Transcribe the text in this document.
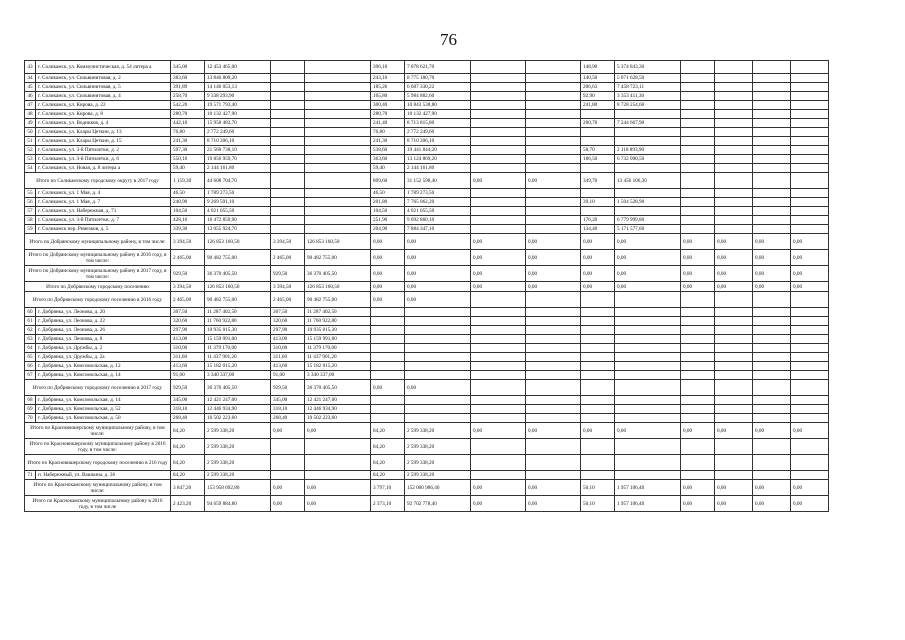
76
43	г. Соликамск, ул. Коммунистическая, д. 54 литера а	345,00	12 453 465,00			396,10	7 078 621,70			148,90	5 374 843,30				
44	г. Соликамск, ул. Сильвинитовая, д. 2	383,60	13 846 809,20			243,10	8 775 180,70			140,50	5 071 628,50				
45	г. Соликамск, ул. Сильвинитовая, д. 5	391,89	14 146 053,13			185,26	6 687 330,22			206,63	7 458 723,11				
46	г. Соликамск, ул. Сильвинитовая, д. 4	258,70	9 338 293,90			165,80	5 984 882,60			92,90	3 353 411,30				
47	г. Соликамск, ул. Кирова, д. 22	542,20	19 571 793,40			300,40	10 843 538,80			241,80	8 728 254,60				
48	г. Соликамск, ул. Кирова, д. 8	280,70	10 132 427,90			280,70	10 132 427,90								
49	г. Соликамск, ул. Водников, д. 4	442,10	15 958 483,70			241,40	8 713 815,80			200,70	7 244 667,90				
50	г. Соликамск, ул. Клары Цеткин, д. 13	76,80	2 772 249,60			76,80	2 772 249,60								
51	г. Соликамск, ул. Клары Цеткин, д. 15	241,30	8 710 206,10			241,30	8 710 206,10								
52	г. Соликамск, ул. 3-й Пятилетки, д. 2	597,30	21 560 738,10			538,60	19 441 844,20			58,70	2 118 893,90				
53	г. Соликамск, ул. 3-й Пятилетки, д. 6	550,10	19 856 959,70			363,60	13 124 869,20			186,50	6 732 090,50				
54	г. Соликамск, ул. Новая, д. 8 литера а	59,40	2 144 161,80			59,40	2 144 161,80								
Итого по Соликамскому городскому округу в 2017 году		1 159,30	44 608 704,70			809,60	31 152 598,40	0,00	0,00	349,70	13 456 106,30				
55	г. Соликамск, ул. 1 Мая, д. 4	46,50	1 789 273,50			46,50	1 789 273,50								
56	г. Соликамск, ул. 1 Мая, д. 7	240,90	9 269 591,10			201,80	7 765 062,20			39,10	1 504 528,90				
57	г. Соликамск, ул. Набережная, д. 71	104,50	4 021 055,50			104,50	4 021 055,50								
58	г. Соликамск, ул. 3-й Пятилетки, д. 7	428,10	16 472 859,90			251,90	9 692 860,10			176,20	6 779 999,80				
59	г. Соликамск пер. Ремезков, д. 5	339,30	13 055 924,70			204,90	7 884 347,10			134,40	5 171 577,60				
Итого по Добрянскому муниципальному району, в том числе:		3 394,50	126 853 160,50	3 394,50	126 853 160,50	0,00	0,00	0,00	0,00	0,00	0,00	0,00	0,00	0,00	0,00
Итого по Добрянскому муниципальному району в 2016 году, в том числе:		2 465,00	90 482 755,00	2 465,00	90 482 755,00	0,00	0,00	0,00	0,00	0,00	0,00	0,00	0,00	0,00	0,00
Итого по Добрянскому муниципальному району в 2017 году, в том числе:		929,50	36 370 405,50	929,50	36 370 405,50	0,00	0,00	0,00	0,00	0,00	0,00	0,00	0,00	0,00	0,00
Итого по Добрянскому городскому поселению		3 394,50	126 853 160,50	3 394,50	126 853 160,50	0,00	0,00	0,00	0,00	0,00	0,00	0,00	0,00	0,00	0,00
Итого по Добрянскому городскому поселению в 2016 году		2 465,00	90 482 755,00	2 465,00	90 482 755,00	0,00	0,00								
60	г. Добрянка, ул. Леонова, д. 20	307,50	11 287 402,50	307,50	11 287 402,50										
61	г. Добрянка, ул. Леонова, д. 22	320,60	11 760 922,80	320,60	11 760 922,80										
62	г. Добрянка, ул. Леонова, д. 26	297,90	10 935 015,30	297,90	10 935 015,30										
63	г. Добрянка, ул. Леонова, д. 8	413,00	15 159 991,00	413,00	15 159 991,00										
64	г. Добрянка, ул. Дружбы, д. 2	310,00	11 379 170,00	310,00	11 379 170,00										
65	г. Добрянка, ул. Дружбы, д. 2а	311,60	11 437 901,20	311,60	11 437 901,20										
66	г. Добрянка, ул. Комсомольская, д. 12	413,60	15 182 015,20	413,60	15 182 015,20										
67	г. Добрянка, ул. Комсомольская, д. 14	91,00	3 340 337,00	91,00	3 340 337,00										
Итого по Добрянскому городскому поселению в 2017 году		929,50	36 370 405,50	929,50	36 370 405,50	0,00	0,00								
68	г. Добрянка, ул. Комсомольская, д. 14	345,00	12 421 247,00	345,00	12 421 247,00										
69	г. Добрянка, ул. Комсомольская, д. 52	318,10	12 446 934,90	318,10	12 446 934,90										
70	г. Добрянка, ул. Комсомольская, д. 50	268,40	10 502 223,60	268,40	10 502 223,60										
Итого по Красновишерскому муниципальному району, в том числе:		84,20	2 599 338,20	0,00	0,00	84,20	2 599 338,20	0,00	0,00	0,00	0,00	0,00	0,00	0,00	0,00
Итого по Красновишерскому муниципальному району в 2016 году, в том числе:		84,20	2 599 338,20			84,20	2 599 338,20								
Итого по Красновишерскому городскому поселению в 216 году		84,20	2 599 338,20			84,20	2 599 338,20								
71	п. Набережный, ул. Вашкина, д. 36	84,20	2 599 338,20			84,20	2 599 338,20								
Итого по Краснокамскому муниципальному району, в том числе:		3 847,20	153 958 092,80	0,00	0,00	3 797,10	152 000 986,40	0,00	0,00	50,10	1 957 106,40	0,00	0,00	0,00	0,00
Итого по Краснокамскому муниципальному району в 2016 году, в том числе		2 423,20	94 659 884,80	0,00	0,00	2 373,10	92 702 778,40	0,00	0,00	50,10	1 957 106,40	0,00	0,00	0,00	0,00
